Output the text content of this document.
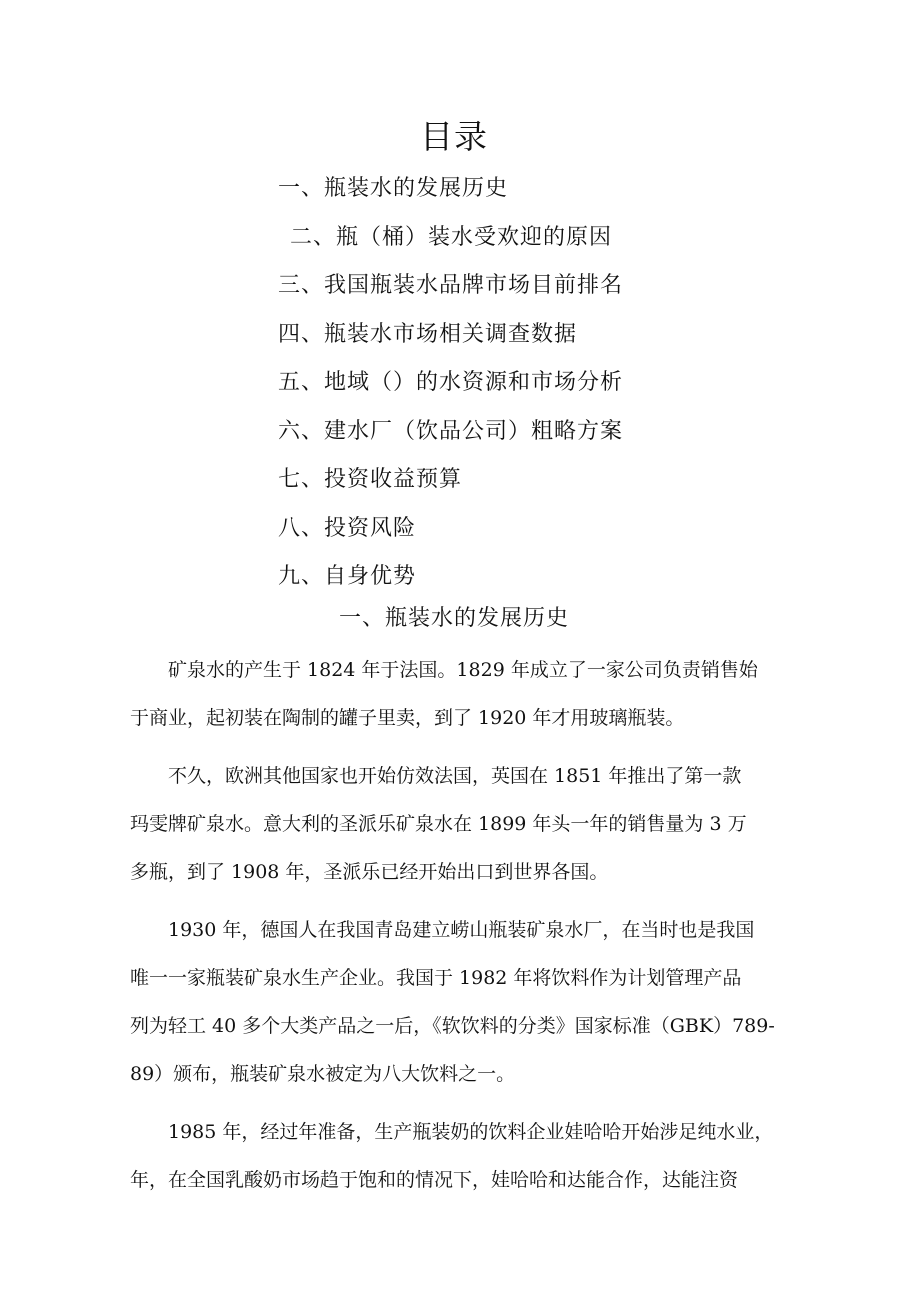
目录
一、瓶装水的发展历史
二、瓶（桶）装水受欢迎的原因
三、我国瓶装水品牌市场目前排名
四、瓶装水市场相关调查数据
五、地域（）的水资源和市场分析
六、建水厂（饮品公司）粗略方案
七、投资收益预算
八、投资风险
九、自身优势
一、瓶装水的发展历史

矿泉水的产生于 1824 年于法国。1829 年成立了一家公司负责销售始
于商业，起初装在陶制的罐子里卖，到了 1920 年才用玻璃瓶装。

不久，欧洲其他国家也开始仿效法国，英国在 1851 年推出了第一款
玛雯牌矿泉水。意大利的圣派乐矿泉水在 1899 年头一年的销售量为 3 万
多瓶，到了 1908 年，圣派乐已经开始出口到世界各国。

1930 年，德国人在我国青岛建立崂山瓶装矿泉水厂，在当时也是我国
唯一一家瓶装矿泉水生产企业。我国于 1982 年将饮料作为计划管理产品
列为轻工 40 多个大类产品之一后，《软饮料的分类》国家标准（GBK）789-
89）颁布，瓶装矿泉水被定为八大饮料之一。

1985 年，经过年准备，生产瓶装奶的饮料企业娃哈哈开始涉足纯水业，
年，在全国乳酸奶市场趋于饱和的情况下，娃哈哈和达能合作，达能注资
